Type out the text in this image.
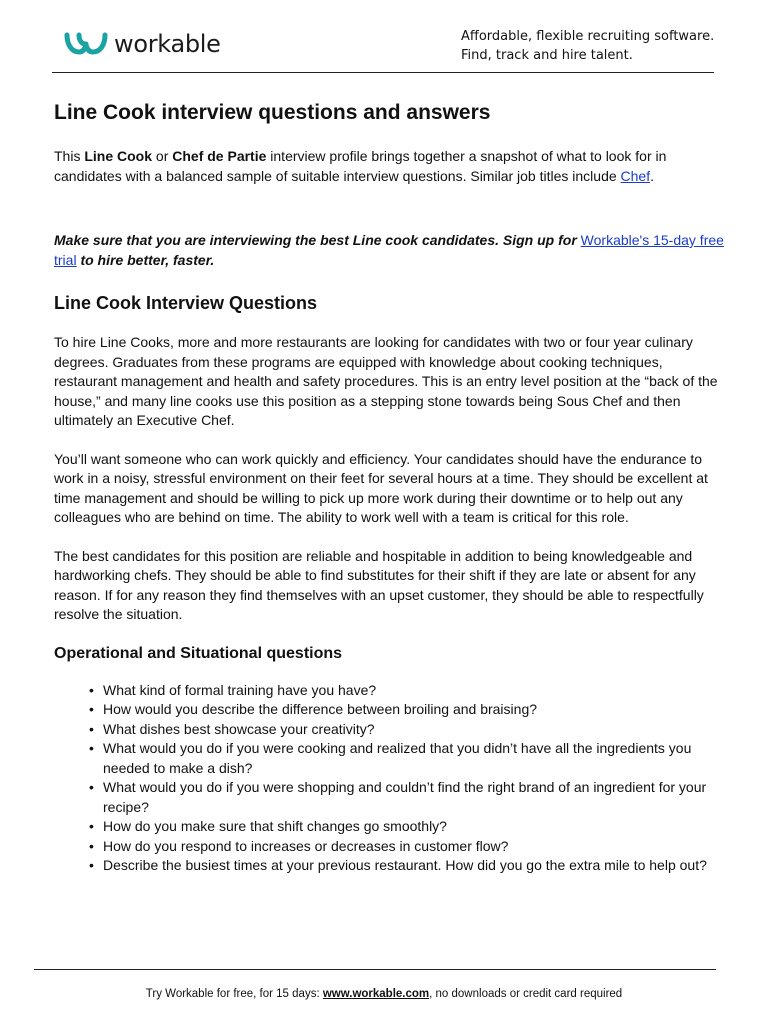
workable	Affordable, flexible recruiting software.
Find, track and hire talent.
Line Cook interview questions and answers

This Line Cook or Chef de Partie interview profile brings together a snapshot of what to look for in candidates with a balanced sample of suitable interview questions. Similar job titles include Chef.

Make sure that you are interviewing the best Line cook candidates. Sign up for Workable's 15-day free trial to hire better, faster.

Line Cook Interview Questions

To hire Line Cooks, more and more restaurants are looking for candidates with two or four year culinary degrees. Graduates from these programs are equipped with knowledge about cooking techniques, restaurant management and health and safety procedures. This is an entry level position at the “back of the house,” and many line cooks use this position as a stepping stone towards being Sous Chef and then ultimately an Executive Chef.

You’ll want someone who can work quickly and efficiency. Your candidates should have the endurance to work in a noisy, stressful environment on their feet for several hours at a time. They should be excellent at time management and should be willing to pick up more work during their downtime or to help out any colleagues who are behind on time. The ability to work well with a team is critical for this role.

The best candidates for this position are reliable and hospitable in addition to being knowledgeable and hardworking chefs. They should be able to find substitutes for their shift if they are late or absent for any reason. If for any reason they find themselves with an upset customer, they should be able to respectfully resolve the situation.

Operational and Situational questions
• What kind of formal training have you have?
• How would you describe the difference between broiling and braising?
• What dishes best showcase your creativity?
• What would you do if you were cooking and realized that you didn’t have all the ingredients you needed to make a dish?
• What would you do if you were shopping and couldn’t find the right brand of an ingredient for your recipe?
• How do you make sure that shift changes go smoothly?
• How do you respond to increases or decreases in customer flow?
• Describe the busiest times at your previous restaurant. How did you go the extra mile to help out?
Try Workable for free, for 15 days: www.workable.com, no downloads or credit card required
